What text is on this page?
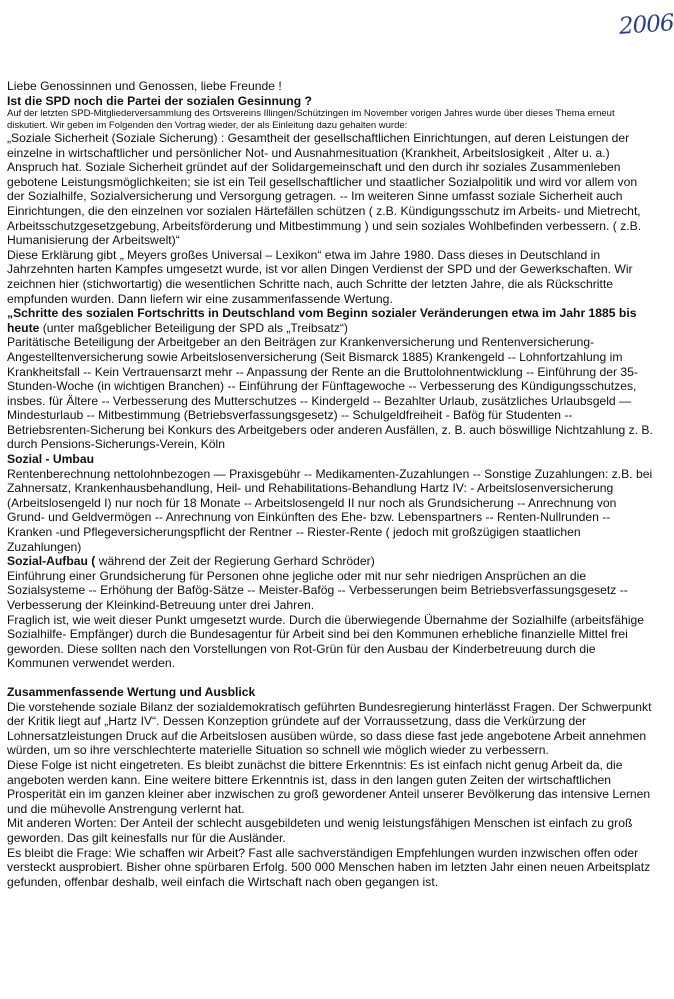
2006

Liebe Genossinnen und Genossen, liebe Freunde !

Ist die SPD noch die Partei der sozialen Gesinnung ?

Auf der letzten SPD-Mitgliederversammlung des Ortsvereins Illingen/Schützingen im November vorigen Jahres wurde über dieses Thema erneut diskutiert. Wir geben im Folgenden den Vortrag wieder, der als Einleitung dazu gehalten wurde:

„Soziale Sicherheit (Soziale Sicherung) : Gesamtheit der gesellschaftlichen Einrichtungen, auf deren Leistungen der einzelne in wirtschaftlicher und persönlicher Not- und Ausnahmesituation (Krankheit, Arbeitslosigkeit , Alter u. a.) Anspruch hat. Soziale Sicherheit gründet auf der Solidargemeinschaft und den durch ihr soziales Zusammenleben gebotene Leistungsmöglichkeiten; sie ist ein Teil gesellschaftlicher und staatlicher Sozialpolitik und wird vor allem von der Sozialhilfe, Sozialversicherung und Versorgung getragen. -- Im weiteren Sinne umfasst soziale Sicherheit auch Einrichtungen, die den einzelnen vor sozialen Härtefällen schützen ( z.B. Kündigungsschutz im Arbeits- und Mietrecht, Arbeitsschutzgesetzgebung, Arbeitsförderung und Mitbestimmung ) und sein soziales Wohlbefinden verbessern. ( z.B. Humanisierung der Arbeitswelt)“

Diese Erklärung gibt „ Meyers großes Universal – Lexikon“ etwa im Jahre 1980. Dass dieses in Deutschland in Jahrzehnten harten Kampfes umgesetzt wurde, ist vor allen Dingen Verdienst der SPD und der Gewerkschaften. Wir zeichnen hier (stichwortartig) die wesentlichen Schritte nach, auch Schritte der letzten Jahre, die als Rückschritte empfunden wurden. Dann liefern wir eine zusammenfassende Wertung.

„Schritte des sozialen Fortschritts in Deutschland vom Beginn sozialer Veränderungen etwa im Jahr 1885 bis heute (unter maßgeblicher Beteiligung der SPD als „Treibsatz“)

Paritätische Beteiligung der Arbeitgeber an den Beiträgen zur Krankenversicherung und Rentenversicherung- Angestelltenversicherung sowie Arbeitslosenversicherung (Seit Bismarck 1885) Krankengeld -- Lohnfortzahlung im Krankheitsfall -- Kein Vertrauensarzt mehr -- Anpassung der Rente an die Bruttolohnentwicklung -- Einführung der 35-Stunden-Woche (in wichtigen Branchen) -- Einführung der Fünftagewoche -- Verbesserung des Kündigungsschutzes, insbes. für Ältere -- Verbesserung des Mutterschutzes -- Kindergeld -- Bezahlter Urlaub, zusätzliches Urlaubsgeld — Mindesturlaub -- Mitbestimmung (Betriebsverfassungsgesetz) -- Schulgeldfreiheit - Bafög für Studenten -- Betriebsrenten-Sicherung bei Konkurs des Arbeitgebers oder anderen Ausfällen, z. B. auch böswillige Nichtzahlung z. B. durch Pensions-Sicherungs-Verein, Köln

Sozial - Umbau

Rentenberechnung nettolohnbezogen — Praxisgebühr -- Medikamenten-Zuzahlungen -- Sonstige Zuzahlungen: z.B. bei Zahnersatz, Krankenhausbehandlung, Heil- und Rehabilitations-Behandlung Hartz IV: - Arbeitslosenversicherung (Arbeitslosengeld I) nur noch für 18 Monate -- Arbeitslosengeld II nur noch als Grundsicherung -- Anrechnung von Grund- und Geldvermögen -- Anrechnung von Einkünften des Ehe- bzw. Lebenspartners -- Renten-Nullrunden -- Kranken -und Pflegeversicherungspflicht der Rentner -- Riester-Rente ( jedoch mit großzügigen staatlichen Zuzahlungen)

Sozial-Aufbau ( während der Zeit der Regierung Gerhard Schröder)

Einführung einer Grundsicherung für Personen ohne jegliche oder mit nur sehr niedrigen Ansprüchen an die Sozialsysteme -- Erhöhung der Bafög-Sätze -- Meister-Bafög -- Verbesserungen beim Betriebsverfassungsgesetz -- Verbesserung der Kleinkind-Betreuung unter drei Jahren.

Fraglich ist, wie weit dieser Punkt umgesetzt wurde. Durch die überwiegende Übernahme der Sozialhilfe (arbeitsfähige Sozialhilfe- Empfänger) durch die Bundesagentur für Arbeit sind bei den Kommunen erhebliche finanzielle Mittel frei geworden. Diese sollten nach den Vorstellungen von Rot-Grün für den Ausbau der Kinderbetreuung durch die Kommunen verwendet werden.

Zusammenfassende Wertung und Ausblick

Die vorstehende soziale Bilanz der sozialdemokratisch geführten Bundesregierung hinterlässt Fragen. Der Schwerpunkt der Kritik liegt auf „Hartz IV“. Dessen Konzeption gründete auf der Vorraussetzung, dass die Verkürzung der Lohnersatzleistungen Druck auf die Arbeitslosen ausüben würde, so dass diese fast jede angebotene Arbeit annehmen würden, um so ihre verschlechterte materielle Situation so schnell wie möglich wieder zu verbessern.

Diese Folge ist nicht eingetreten. Es bleibt zunächst die bittere Erkenntnis: Es ist einfach nicht genug Arbeit da, die angeboten werden kann. Eine weitere bittere Erkenntnis ist, dass in den langen guten Zeiten der wirtschaftlichen Prosperität ein im ganzen kleiner aber inzwischen zu groß gewordener Anteil unserer Bevölkerung das intensive Lernen und die mühevolle Anstrengung verlernt hat.

Mit anderen Worten: Der Anteil der schlecht ausgebildeten und wenig leistungsfähigen Menschen ist einfach zu groß geworden. Das gilt keinesfalls nur für die Ausländer.

Es bleibt die Frage: Wie schaffen wir Arbeit? Fast alle sachverständigen Empfehlungen wurden inzwischen offen oder versteckt ausprobiert. Bisher ohne spürbaren Erfolg. 500 000 Menschen haben im letzten Jahr einen neuen Arbeitsplatz gefunden, offenbar deshalb, weil einfach die Wirtschaft nach oben gegangen ist.
